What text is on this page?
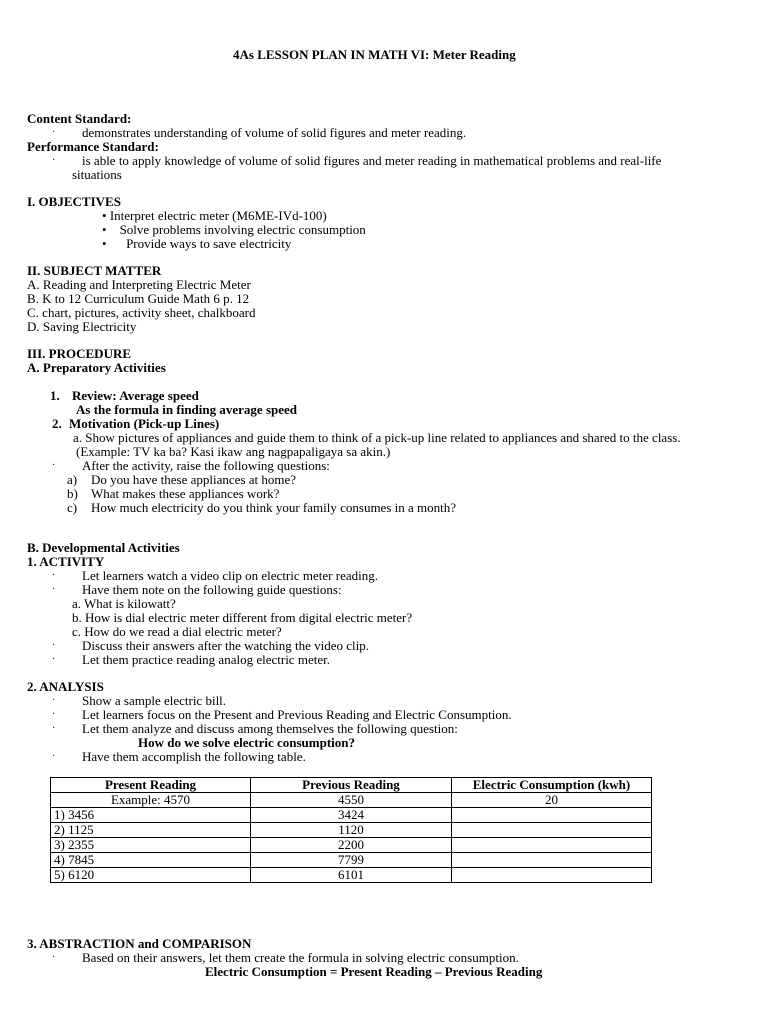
4As LESSON PLAN IN MATH VI: Meter Reading
Content Standard:
· demonstrates understanding of volume of solid figures and meter reading.
Performance Standard:
· is able to apply knowledge of volume of solid figures and meter reading in mathematical problems and real-life
situations
I. OBJECTIVES
• Interpret electric meter (M6ME-IVd-100)
•    Solve problems involving electric consumption
•      Provide ways to save electricity
II. SUBJECT MATTER
A. Reading and Interpreting Electric Meter
B. K to 12 Curriculum Guide Math 6 p. 12
C. chart, pictures, activity sheet, chalkboard
D. Saving Electricity
III. PROCEDURE
A. Preparatory Activities
1. Review: Average speed
As the formula in finding average speed
2. Motivation (Pick-up Lines)
a. Show pictures of appliances and guide them to think of a pick-up line related to appliances and shared to the class.
(Example: TV ka ba? Kasi ikaw ang nagpapaligaya sa akin.)
· After the activity, raise the following questions:
a) Do you have these appliances at home?
b) What makes these appliances work?
c) How much electricity do you think your family consumes in a month?
B. Developmental Activities
1. ACTIVITY
· Let learners watch a video clip on electric meter reading.
· Have them note on the following guide questions:
a. What is kilowatt?
b. How is dial electric meter different from digital electric meter?
c. How do we read a dial electric meter?
· Discuss their answers after the watching the video clip.
· Let them practice reading analog electric meter.
2. ANALYSIS
· Show a sample electric bill.
· Let learners focus on the Present and Previous Reading and Electric Consumption.
· Let them analyze and discuss among themselves the following question:
How do we solve electric consumption?
· Have them accomplish the following table.
Present Reading	Previous Reading	Electric Consumption (kwh)
Example: 4570	4550	20
1) 3456	3424	
2) 1125	1120	
3) 2355	2200	
4) 7845	7799	
5) 6120	6101	
3. ABSTRACTION and COMPARISON
· Based on their answers, let them create the formula in solving electric consumption.
Electric Consumption = Present Reading – Previous Reading
